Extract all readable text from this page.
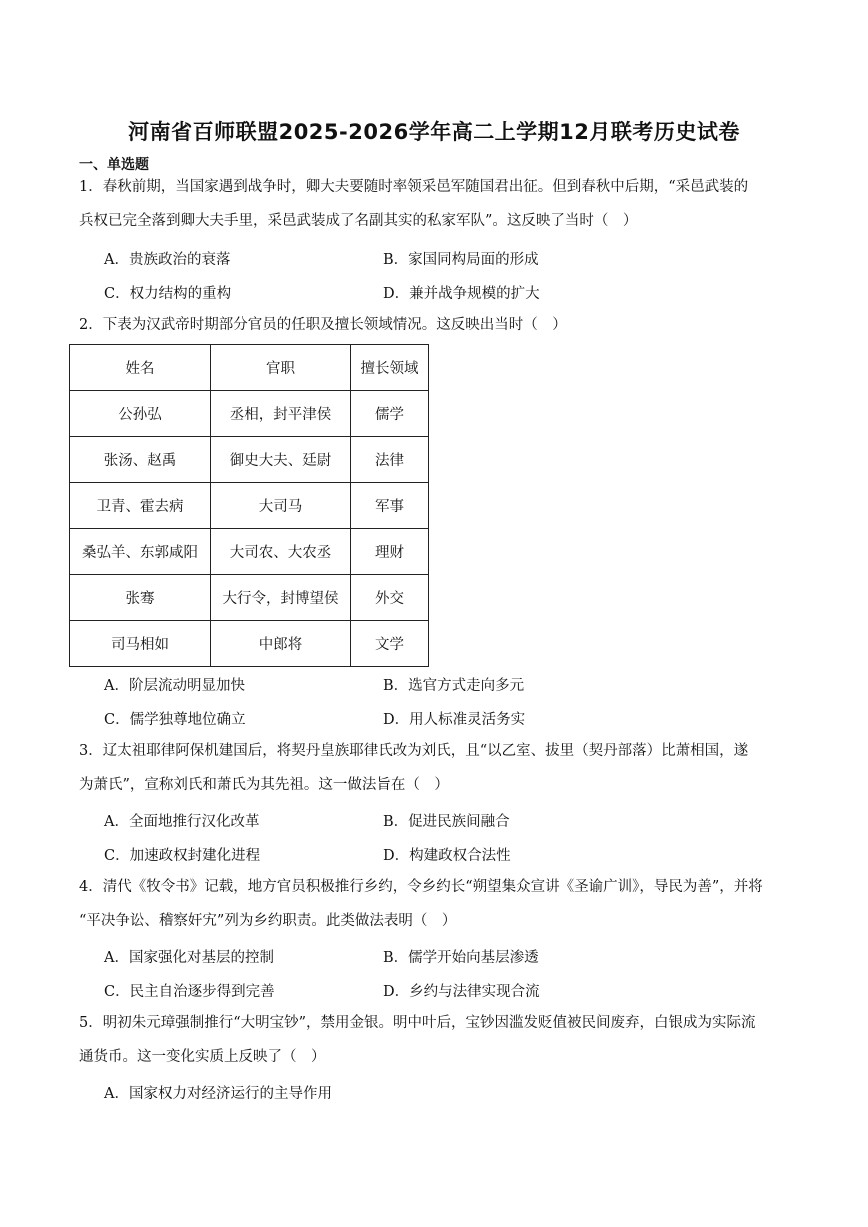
河南省百师联盟2025-2026学年高二上学期12月联考历史试卷
一、单选题
1．春秋前期，当国家遇到战争时，卿大夫要随时率领采邑军随国君出征。但到春秋中后期，“采邑武装的
兵权已完全落到卿大夫手里，采邑武装成了名副其实的私家军队”。这反映了当时（　）
A．贵族政治的衰落	B．家国同构局面的形成
C．权力结构的重构	D．兼并战争规模的扩大
2．下表为汉武帝时期部分官员的任职及擅长领域情况。这反映出当时（　）
姓名	官职	擅长领域
公孙弘	丞相，封平津侯	儒学
张汤、赵禹	御史大夫、廷尉	法律
卫青、霍去病	大司马	军事
桑弘羊、东郭咸阳	大司农、大农丞	理财
张骞	大行令，封博望侯	外交
司马相如	中郎将	文学
A．阶层流动明显加快	B．选官方式走向多元
C．儒学独尊地位确立	D．用人标准灵活务实
3．辽太祖耶律阿保机建国后，将契丹皇族耶律氏改为刘氏，且“以乙室、拔里（契丹部落）比萧相国，遂
为萧氏”，宣称刘氏和萧氏为其先祖。这一做法旨在（　）
A．全面地推行汉化改革	B．促进民族间融合
C．加速政权封建化进程	D．构建政权合法性
4．清代《牧令书》记载，地方官员积极推行乡约，令乡约长“朔望集众宣讲《圣谕广训》，导民为善”，并将
“平决争讼、稽察奸宄”列为乡约职责。此类做法表明（　）
A．国家强化对基层的控制	B．儒学开始向基层渗透
C．民主自治逐步得到完善	D．乡约与法律实现合流
5．明初朱元璋强制推行“大明宝钞”，禁用金银。明中叶后，宝钞因滥发贬值被民间废弃，白银成为实际流
通货币。这一变化实质上反映了（　）
A．国家权力对经济运行的主导作用
